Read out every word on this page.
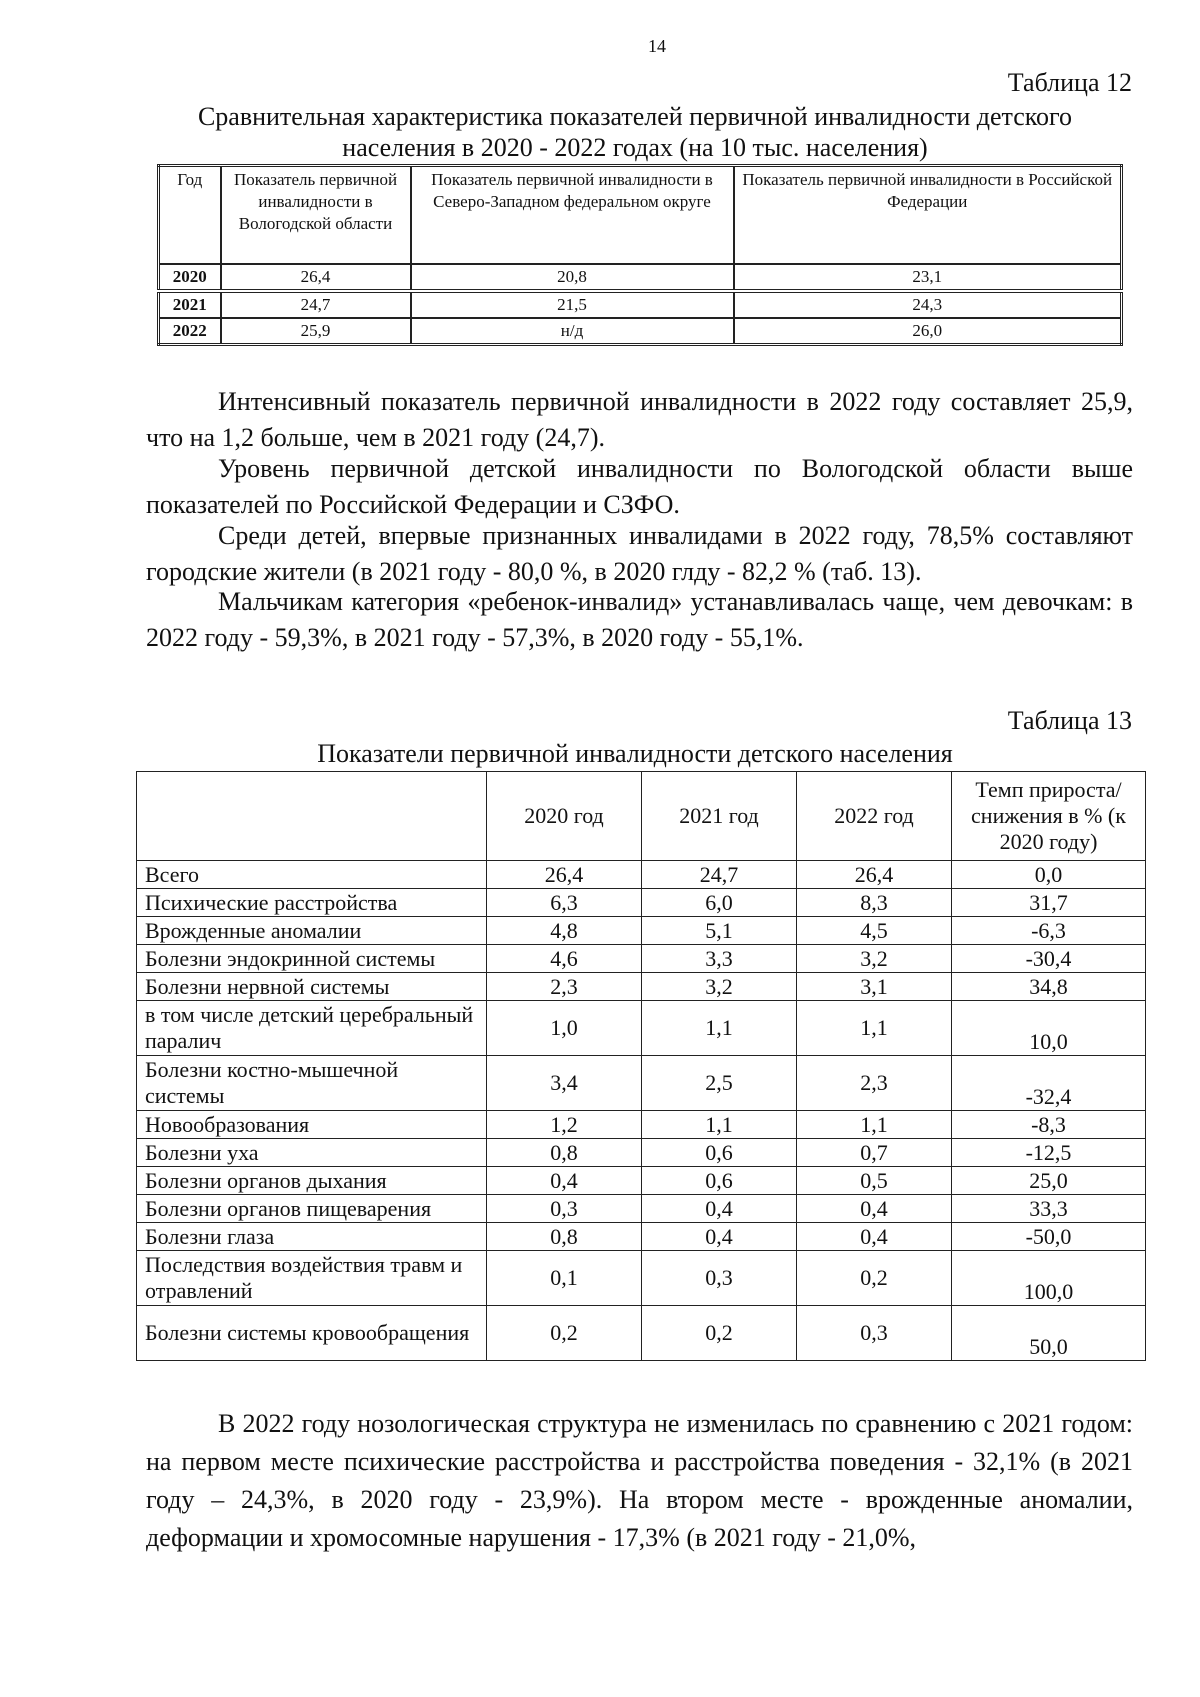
14
Таблица 12
Сравнительная характеристика показателей первичной инвалидности детского населения в 2020 - 2022 годах (на 10 тыс. населения)
Год	Показатель первичной инвалидности в Вологодской области	Показатель первичной инвалидности в Северо-Западном федеральном округе	Показатель первичной инвалидности в Российской Федерации
2020	26,4	20,8	23,1
2021	24,7	21,5	24,3
2022	25,9	н/д	26,0

Интенсивный показатель первичной инвалидности в 2022 году составляет 25,9, что на 1,2 больше, чем в 2021 году (24,7).

Уровень первичной детской инвалидности по Вологодской области выше показателей по Российской Федерации и СЗФО.

Среди детей, впервые признанных инвалидами в 2022 году, 78,5% составляют городские жители (в 2021 году - 80,0 %, в 2020 глду - 82,2 % (таб. 13).

Мальчикам категория «ребенок-инвалид» устанавливалась чаще, чем девочкам: в 2022 году - 59,3%, в 2021 году - 57,3%, в 2020 году - 55,1%.

Таблица 13
Показатели первичной инвалидности детского населения
	2020 год	2021 год	2022 год	Темп прироста/ снижения в % (к 2020 году)
Всего	26,4	24,7	26,4	0,0
Психические расстройства	6,3	6,0	8,3	31,7
Врожденные аномалии	4,8	5,1	4,5	-6,3
Болезни эндокринной системы	4,6	3,3	3,2	-30,4
Болезни нервной системы	2,3	3,2	3,1	34,8
в том числе детский церебральный паралич	1,0	1,1	1,1	10,0
Болезни костно-мышечной системы	3,4	2,5	2,3	-32,4
Новообразования	1,2	1,1	1,1	-8,3
Болезни уха	0,8	0,6	0,7	-12,5
Болезни органов дыхания	0,4	0,6	0,5	25,0
Болезни органов пищеварения	0,3	0,4	0,4	33,3
Болезни глаза	0,8	0,4	0,4	-50,0
Последствия воздействия травм и отравлений	0,1	0,3	0,2	100,0
Болезни системы кровообращения	0,2	0,2	0,3	50,0

В 2022 году нозологическая структура не изменилась по сравнению с 2021 годом: на первом месте психические расстройства и расстройства поведения - 32,1% (в 2021 году – 24,3%, в 2020 году - 23,9%). На втором месте - врожденные аномалии, деформации и хромосомные нарушения - 17,3% (в 2021 году - 21,0%,
